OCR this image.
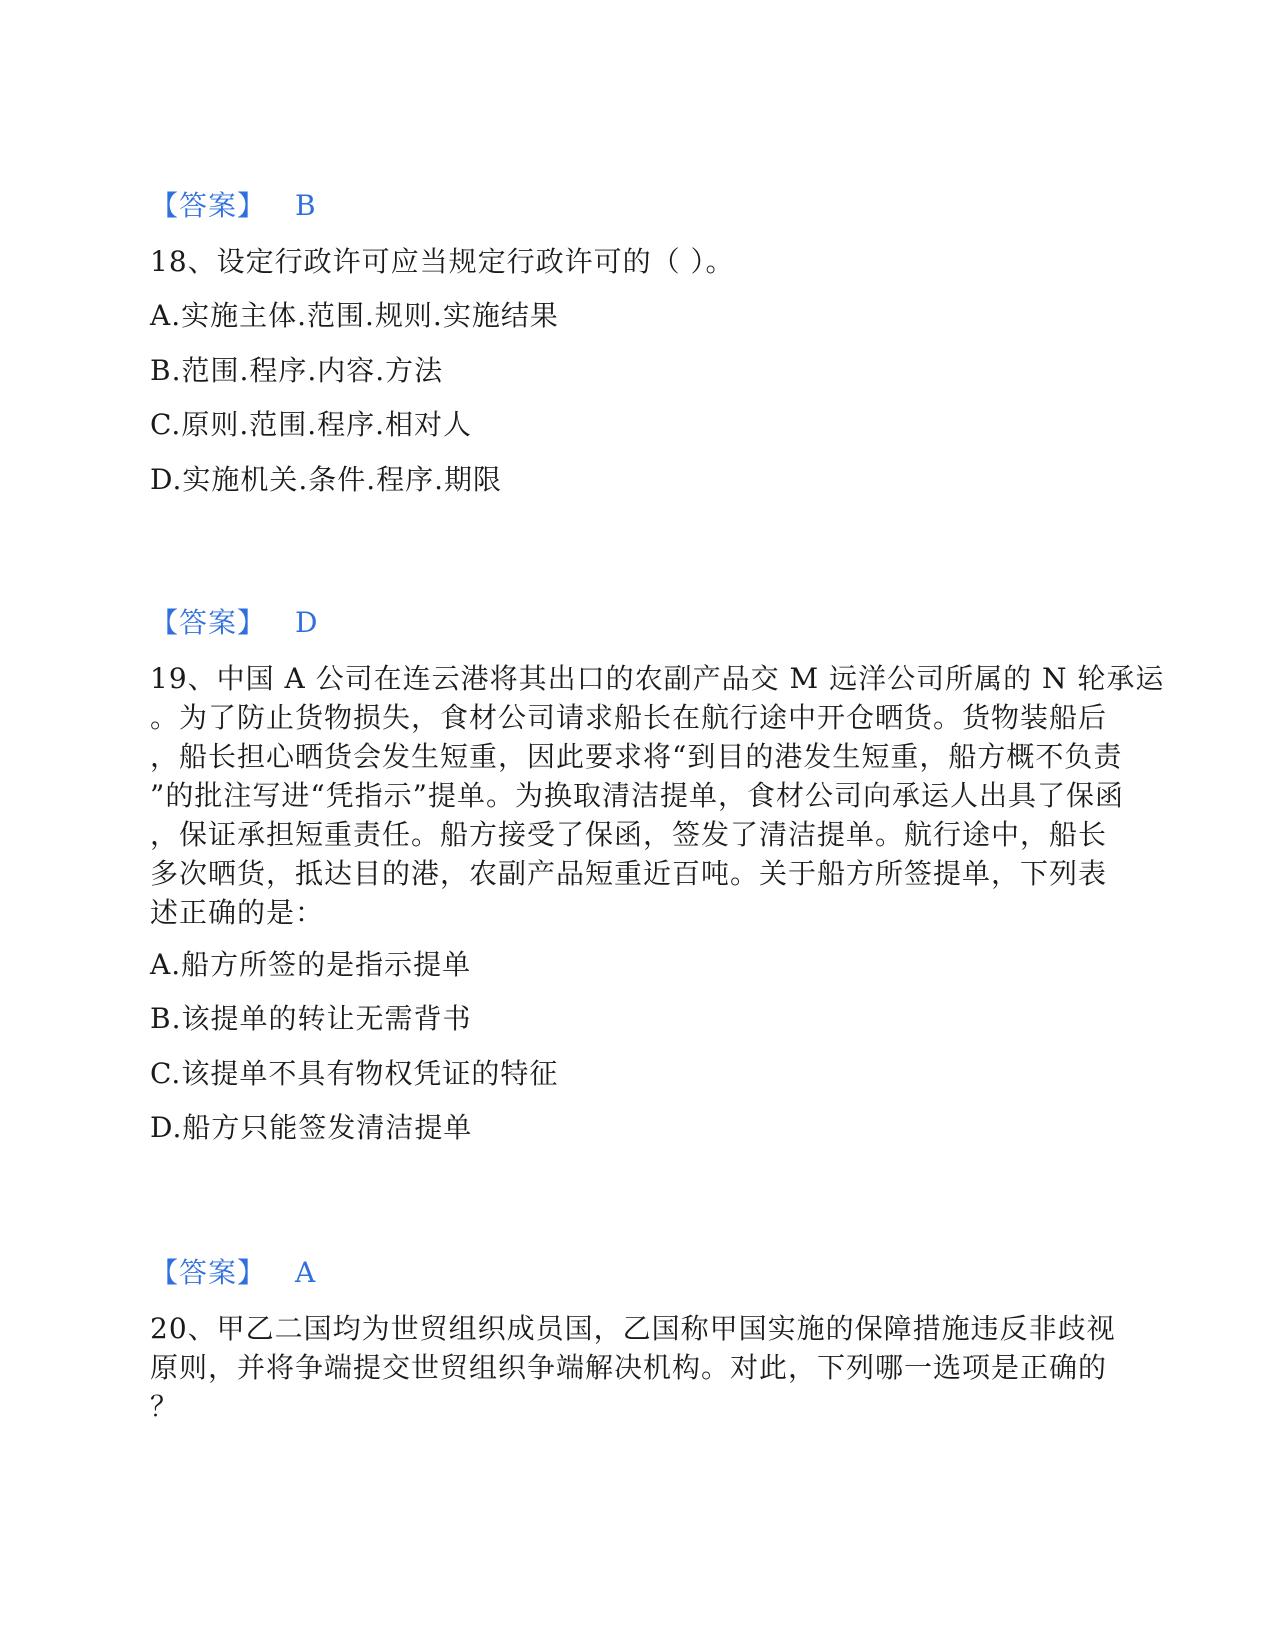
【答案】 B
18、设定行政许可应当规定行政许可的（ ）。
A.实施主体.范围.规则.实施结果
B.范围.程序.内容.方法
C.原则.范围.程序.相对人
D.实施机关.条件.程序.期限
【答案】 D
19、中国 A 公司在连云港将其出口的农副产品交 M 远洋公司所属的 N 轮承运
。为了防止货物损失，食材公司请求船长在航行途中开仓晒货。货物装船后
，船长担心晒货会发生短重，因此要求将“到目的港发生短重，船方概不负责
”的批注写进“凭指示”提单。为换取清洁提单，食材公司向承运人出具了保函
，保证承担短重责任。船方接受了保函，签发了清洁提单。航行途中，船长
多次晒货，抵达目的港，农副产品短重近百吨。关于船方所签提单，下列表
述正确的是：
A.船方所签的是指示提单
B.该提单的转让无需背书
C.该提单不具有物权凭证的特征
D.船方只能签发清洁提单
【答案】 A
20、甲乙二国均为世贸组织成员国，乙国称甲国实施的保障措施违反非歧视
原则，并将争端提交世贸组织争端解决机构。对此，下列哪一选项是正确的
？
